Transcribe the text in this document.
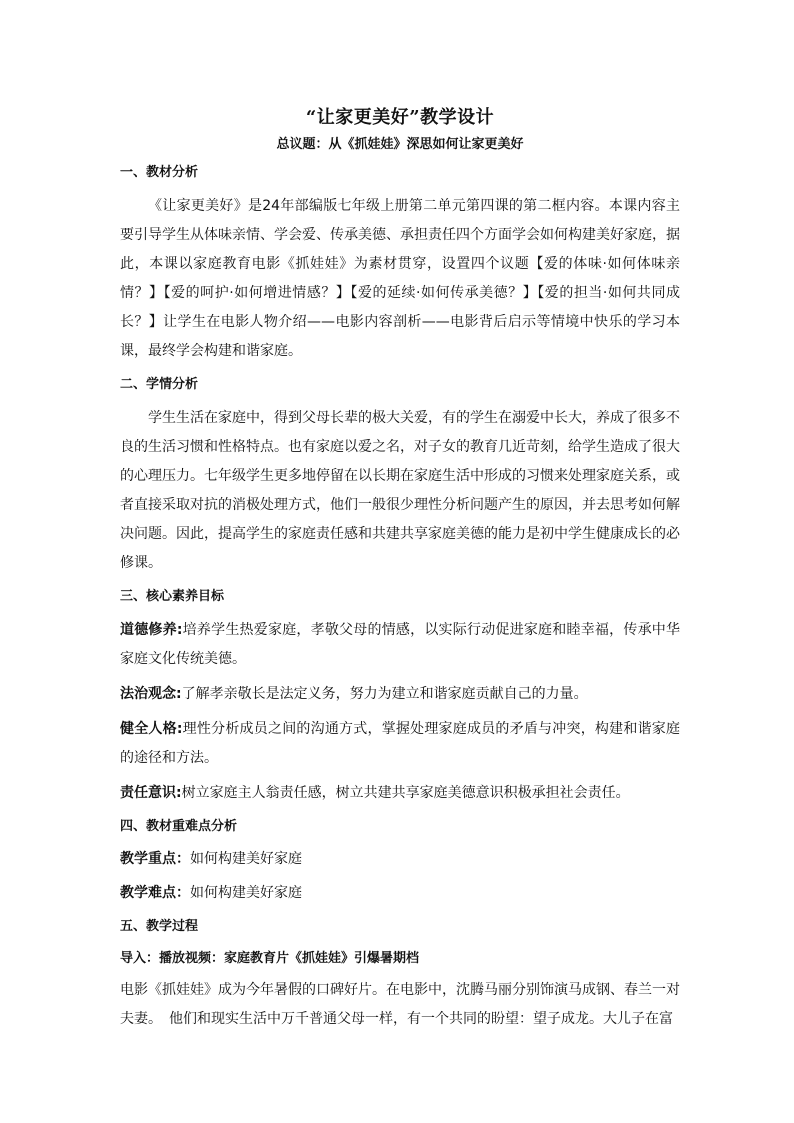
“让家更美好”教学设计
总议题：从《抓娃娃》深思如何让家更美好
一、教材分析

《让家更美好》是24年部编版七年级上册第二单元第四课的第二框内容。本课内容主要引导学生从体味亲情、学会爱、传承美德、承担责任四个方面学会如何构建美好家庭，据此，本课以家庭教育电影《抓娃娃》为素材贯穿，设置四个议题【爱的体味·如何体味亲情？】【爱的呵护·如何增进情感？】【爱的延续·如何传承美德？】【爱的担当·如何共同成长？】让学生在电影人物介绍——电影内容剖析——电影背后启示等情境中快乐的学习本课，最终学会构建和谐家庭。

二、学情分析

学生生活在家庭中，得到父母长辈的极大关爱，有的学生在溺爱中长大，养成了很多不良的生活习惯和性格特点。也有家庭以爱之名，对子女的教育几近苛刻，给学生造成了很大的心理压力。七年级学生更多地停留在以长期在家庭生活中形成的习惯来处理家庭关系，或者直接采取对抗的消极处理方式，他们一般很少理性分析问题产生的原因，并去思考如何解决问题。因此，提高学生的家庭责任感和共建共享家庭美德的能力是初中学生健康成长的必修课。

三、核心素养目标

道德修养:培养学生热爱家庭，孝敬父母的情感，以实际行动促进家庭和睦幸福，传承中华家庭文化传统美德。

法治观念:了解孝亲敬长是法定义务，努力为建立和谐家庭贡献自己的力量。

健全人格:理性分析成员之间的沟通方式，掌握处理家庭成员的矛盾与冲突，构建和谐家庭的途径和方法。

责任意识:树立家庭主人翁责任感，树立共建共享家庭美德意识积极承担社会责任。

四、教材重难点分析

教学重点：如何构建美好家庭

教学难点：如何构建美好家庭

五、教学过程
导入：播放视频：家庭教育片《抓娃娃》引爆暑期档

电影《抓娃娃》成为今年暑假的口碑好片。在电影中，沈腾马丽分别饰演马成钢、春兰一对夫妻。　他们和现实生活中万千普通父母一样，有一个共同的盼望：望子成龙。大儿子在富
